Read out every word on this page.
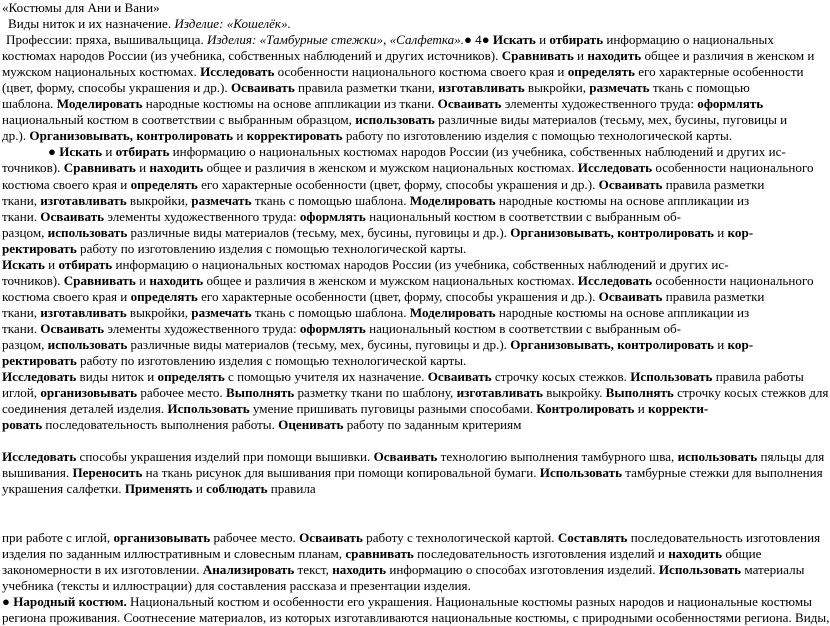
«Костюмы для Ани и Вани»
Виды ниток и их назначение. Изделие: «Кошелёк».
Профессии: пряха, вышивальщица. Изделия: «Тамбурные стежки», «Салфетка».● 4● Искать и отбирать информацию о национальных
костюмах народов России (из учебника, собственных наблюдений и других источников). Сравнивать и находить общее и различия в женском и
мужском национальных костюмах. Исследовать особенности национального костюма своего края и определять его характерные особенности
(цвет, форму, способы украшения и др.). Осваивать правила разметки ткани, изготавливать выкройки, размечать ткань с помощью
шаблона. Моделировать народные костюмы на основе аппликации из ткани. Осваивать элементы художественного труда: оформлять
национальный костюм в соответствии с выбранным образцом, использовать различные виды материалов (тесьму, мех, бусины, пуговицы и
др.). Организовывать, контролировать и корректировать работу по изготовлению изделия с помощью технологической карты.
● Искать и отбирать информацию о национальных костюмах народов России (из учебника, собственных наблюдений и других ис-
точников). Сравнивать и находить общее и различия в женском и мужском национальных костюмах. Исследовать особенности национального
костюма своего края и определять его характерные особенности (цвет, форму, способы украшения и др.). Осваивать правила разметки
ткани, изготавливать выкройки, размечать ткань с помощью шаблона. Моделировать народные костюмы на основе аппликации из
ткани. Осваивать элементы художественного труда: оформлять национальный костюм в соответствии с выбранным об-
разцом, использовать различные виды материалов (тесьму, мех, бусины, пуговицы и др.). Организовывать, контролировать и кор-
ректировать работу по изготовлению изделия с помощью технологической карты.
Искать и отбирать информацию о национальных костюмах народов России (из учебника, собственных наблюдений и других ис-
точников). Сравнивать и находить общее и различия в женском и мужском национальных костюмах. Исследовать особенности национального
костюма своего края и определять его характерные особенности (цвет, форму, способы украшения и др.). Осваивать правила разметки
ткани, изготавливать выкройки, размечать ткань с помощью шаблона. Моделировать народные костюмы на основе аппликации из
ткани. Осваивать элементы художественного труда: оформлять национальный костюм в соответствии с выбранным об-
разцом, использовать различные виды материалов (тесьму, мех, бусины, пуговицы и др.). Организовывать, контролировать и кор-
ректировать работу по изготовлению изделия с помощью технологической карты.
Исследовать виды ниток и определять с помощью учителя их назначение. Осваивать строчку косых стежков. Использовать правила работы
иглой, организовывать рабочее место. Выполнять разметку ткани по шаблону, изготавливать выкройку. Выполнять строчку косых стежков для
соединения деталей изделия. Использовать умение пришивать пуговицы разными способами. Контролировать и корректи-
ровать последовательность выполнения работы. Оценивать работу по заданным критериям
Исследовать способы украшения изделий при помощи вышивки. Осваивать технологию выполнения тамбурного шва, использовать пяльцы для
вышивания. Переносить на ткань рисунок для вышивания при помощи копировальной бумаги. Использовать тамбурные стежки для выполнения
украшения салфетки. Применять и соблюдать правила
при работе с иглой, организовывать рабочее место. Осваивать работу с технологической картой. Составлять последовательность изготовления
изделия по заданным иллюстративным и словесным планам, сравнивать последовательность изготовления изделий и находить общие
закономерности в их изготовлении. Анализировать текст, находить информацию о способах изготовления изделий. Использовать материалы
учебника (тексты и иллюстрации) для составления рассказа и презентации изделия.
● Народный костюм. Национальный костюм и особенности его украшения. Национальные костюмы разных народов и национальные костюмы
региона проживания. Соотнесение материалов, из которых изготавливаются национальные костюмы, с природными особенностями региона. Виды,
